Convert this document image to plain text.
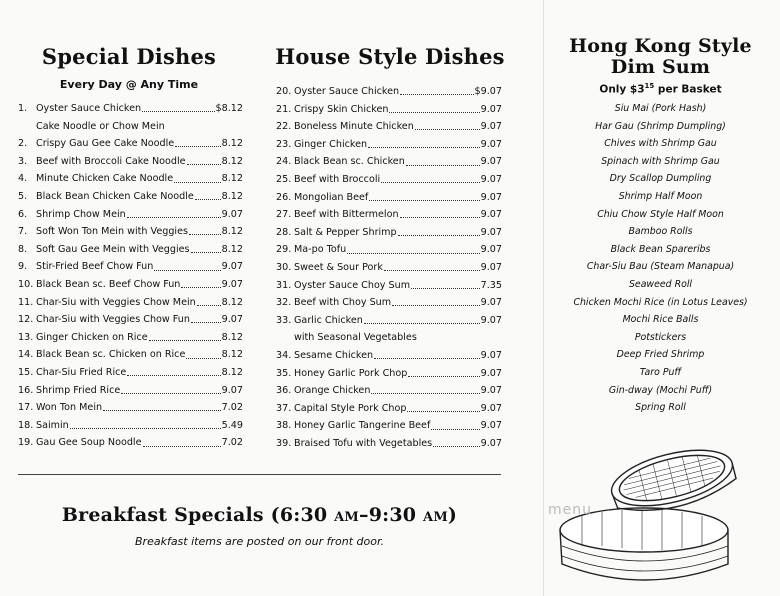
Special Dishes
Every Day @ Any Time
1. Oyster Sauce Chicken	$8.12
Cake Noodle or Chow Mein
2. Crispy Gau Gee Cake Noodle	8.12
3. Beef with Broccoli Cake Noodle	8.12
4. Minute Chicken Cake Noodle	8.12
5. Black Bean Chicken Cake Noodle	8.12
6. Shrimp Chow Mein	9.07
7. Soft Won Ton Mein with Veggies	8.12
8. Soft Gau Gee Mein with Veggies	8.12
9. Stir-Fried Beef Chow Fun	9.07
10. Black Bean sc. Beef Chow Fun	9.07
11. Char-Siu with Veggies Chow Mein	8.12
12. Char-Siu with Veggies Chow Fun	9.07
13. Ginger Chicken on Rice	8.12
14. Black Bean sc. Chicken on Rice	8.12
15. Char-Siu Fried Rice	8.12
16. Shrimp Fried Rice	9.07
17. Won Ton Mein	7.02
18. Saimin	5.49
19. Gau Gee Soup Noodle	7.02
House Style Dishes
20. Oyster Sauce Chicken	$9.07
21. Crispy Skin Chicken	9.07
22. Boneless Minute Chicken	9.07
23. Ginger Chicken	9.07
24. Black Bean sc. Chicken	9.07
25. Beef with Broccoli	9.07
26. Mongolian Beef	9.07
27. Beef with Bittermelon	9.07
28. Salt & Pepper Shrimp	9.07
29. Ma-po Tofu	9.07
30. Sweet & Sour Pork	9.07
31. Oyster Sauce Choy Sum	7.35
32. Beef with Choy Sum	9.07
33. Garlic Chicken	9.07
with Seasonal Vegetables
34. Sesame Chicken	9.07
35. Honey Garlic Pork Chop	9.07
36. Orange Chicken	9.07
37. Capital Style Pork Chop	9.07
38. Honey Garlic Tangerine Beef	9.07
39. Braised Tofu with Vegetables	9.07
Hong Kong Style
Dim Sum
Only $\$3^{15}$ per Basket
Siu Mai (Pork Hash)
Har Gau (Shrimp Dumpling)
Chives with Shrimp Gau
Spinach with Shrimp Gau
Dry Scallop Dumpling
Shrimp Half Moon
Chiu Chow Style Half Moon
Bamboo Rolls
Black Bean Spareribs
Char-Siu Bau (Steam Manapua)
Seaweed Roll
Chicken Mochi Rice (in Lotus Leaves)
Mochi Rice Balls
Potstickers
Deep Fried Shrimp
Taro Puff
Gin-dway (Mochi Puff)
Spring Roll
menu
Breakfast Specials (6:30 AM–9:30 AM)
Breakfast items are posted on our front door.
